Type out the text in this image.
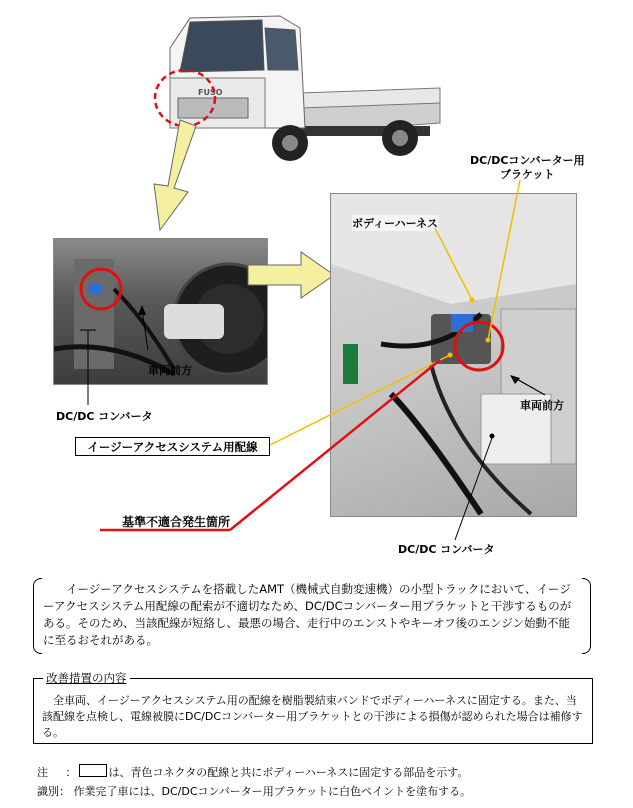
FUSO
車両前方
DC/DCコンバーター用
ブラケット
ボディーハーネス
車両前方
DC/DC コンバータ
イージーアクセスシステム用配線
基準不適合発生箇所
DC/DC コンバータ

イージーアクセスシステムを搭載したAMT（機械式自動変速機）の小型トラックにおいて、イージーアクセスシステム用配線の配索が不適切なため、DC/DCコンバーター用ブラケットと干渉するものがある。そのため、当該配線が短絡し、最悪の場合、走行中のエンストやキーオフ後のエンジン始動不能に至るおそれがある。

全車両、イージーアクセスシステム用の配線を樹脂製結束バンドでボディーハーネスに固定する。また、当該配線を点検し、電線被膜にDC/DCコンバーター用ブラケットとの干渉による損傷が認められた場合は補修する。

改善措置の内容
注 ：	は、青色コネクタの配線と共にボディーハーネスに固定する部品を示す。
識別： 作業完了車には、DC/DCコンバーター用ブラケットに白色ペイントを塗布する。
